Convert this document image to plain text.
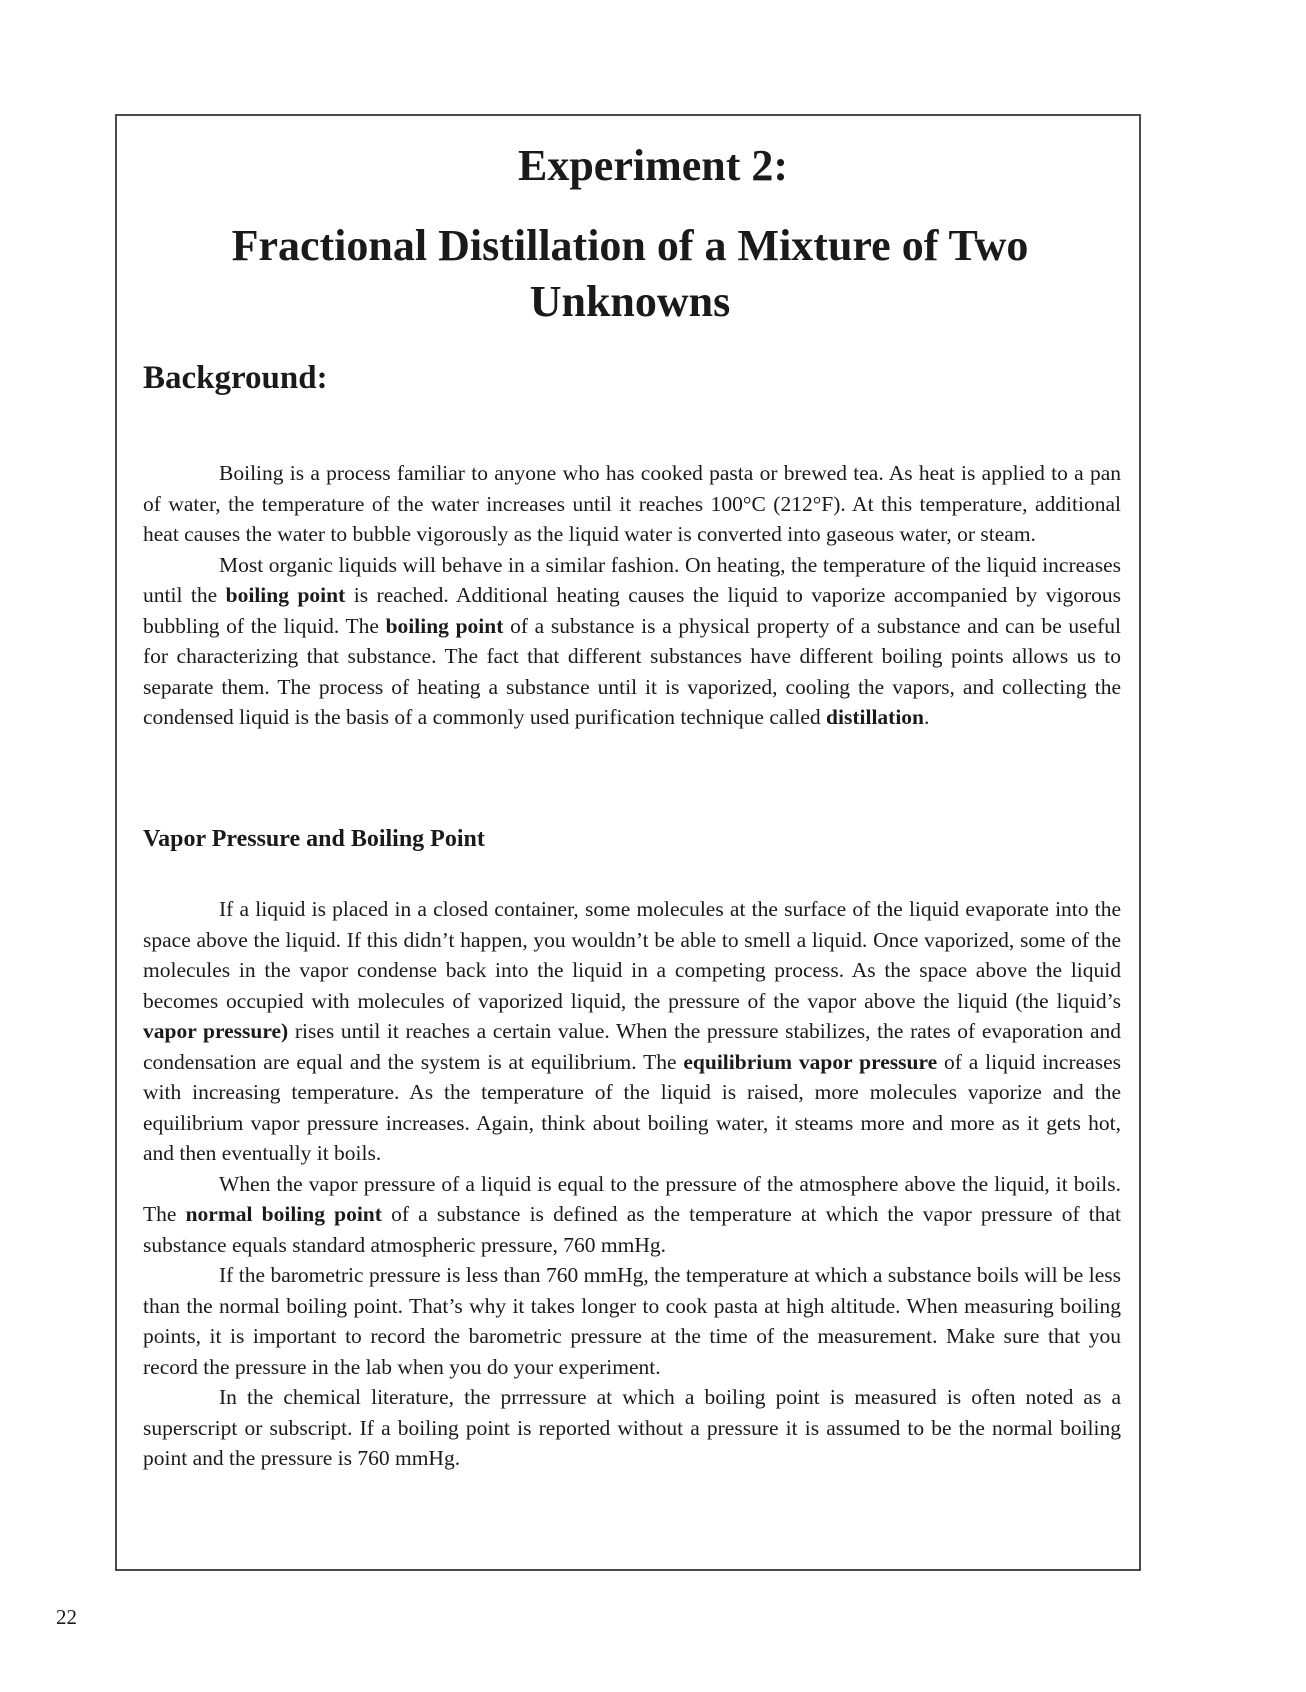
Experiment 2:
Fractional Distillation of a Mixture of Two Unknowns
Background:

Boiling is a process familiar to anyone who has cooked pasta or brewed tea. As heat is applied to a pan of water, the temperature of the water increases until it reaches 100°C (212°F). At this temperature, additional heat causes the water to bubble vigorously as the liquid water is converted into gaseous water, or steam.

Most organic liquids will behave in a similar fashion. On heating, the temperature of the liquid increases until the boiling point is reached. Additional heating causes the liquid to vaporize accompanied by vigorous bubbling of the liquid. The boiling point of a substance is a physical property of a substance and can be useful for characterizing that substance. The fact that different substances have different boiling points allows us to separate them. The process of heating a substance until it is vaporized, cooling the vapors, and collecting the condensed liquid is the basis of a commonly used purification technique called distillation.

Vapor Pressure and Boiling Point

If a liquid is placed in a closed container, some molecules at the surface of the liquid evaporate into the space above the liquid. If this didn’t happen, you wouldn’t be able to smell a liquid. Once vaporized, some of the molecules in the vapor condense back into the liquid in a competing process. As the space above the liquid becomes occupied with molecules of vaporized liquid, the pressure of the vapor above the liquid (the liquid’s vapor pressure) rises until it reaches a certain value. When the pressure stabilizes, the rates of evaporation and condensation are equal and the system is at equilibrium. The equilibrium vapor pressure of a liquid increases with increasing temperature. As the temperature of the liquid is raised, more molecules vaporize and the equilibrium vapor pressure increases. Again, think about boiling water, it steams more and more as it gets hot, and then eventually it boils.

When the vapor pressure of a liquid is equal to the pressure of the atmosphere above the liquid, it boils. The normal boiling point of a substance is defined as the temperature at which the vapor pressure of that substance equals standard atmospheric pressure, 760 mmHg.

If the barometric pressure is less than 760 mmHg, the temperature at which a substance boils will be less than the normal boiling point. That’s why it takes longer to cook pasta at high altitude. When measuring boiling points, it is important to record the barometric pressure at the time of the measurement. Make sure that you record the pressure in the lab when you do your experiment.

In the chemical literature, the prrressure at which a boiling point is measured is often noted as a superscript or subscript. If a boiling point is reported without a pressure it is assumed to be the normal boiling point and the pressure is 760 mmHg.

22
